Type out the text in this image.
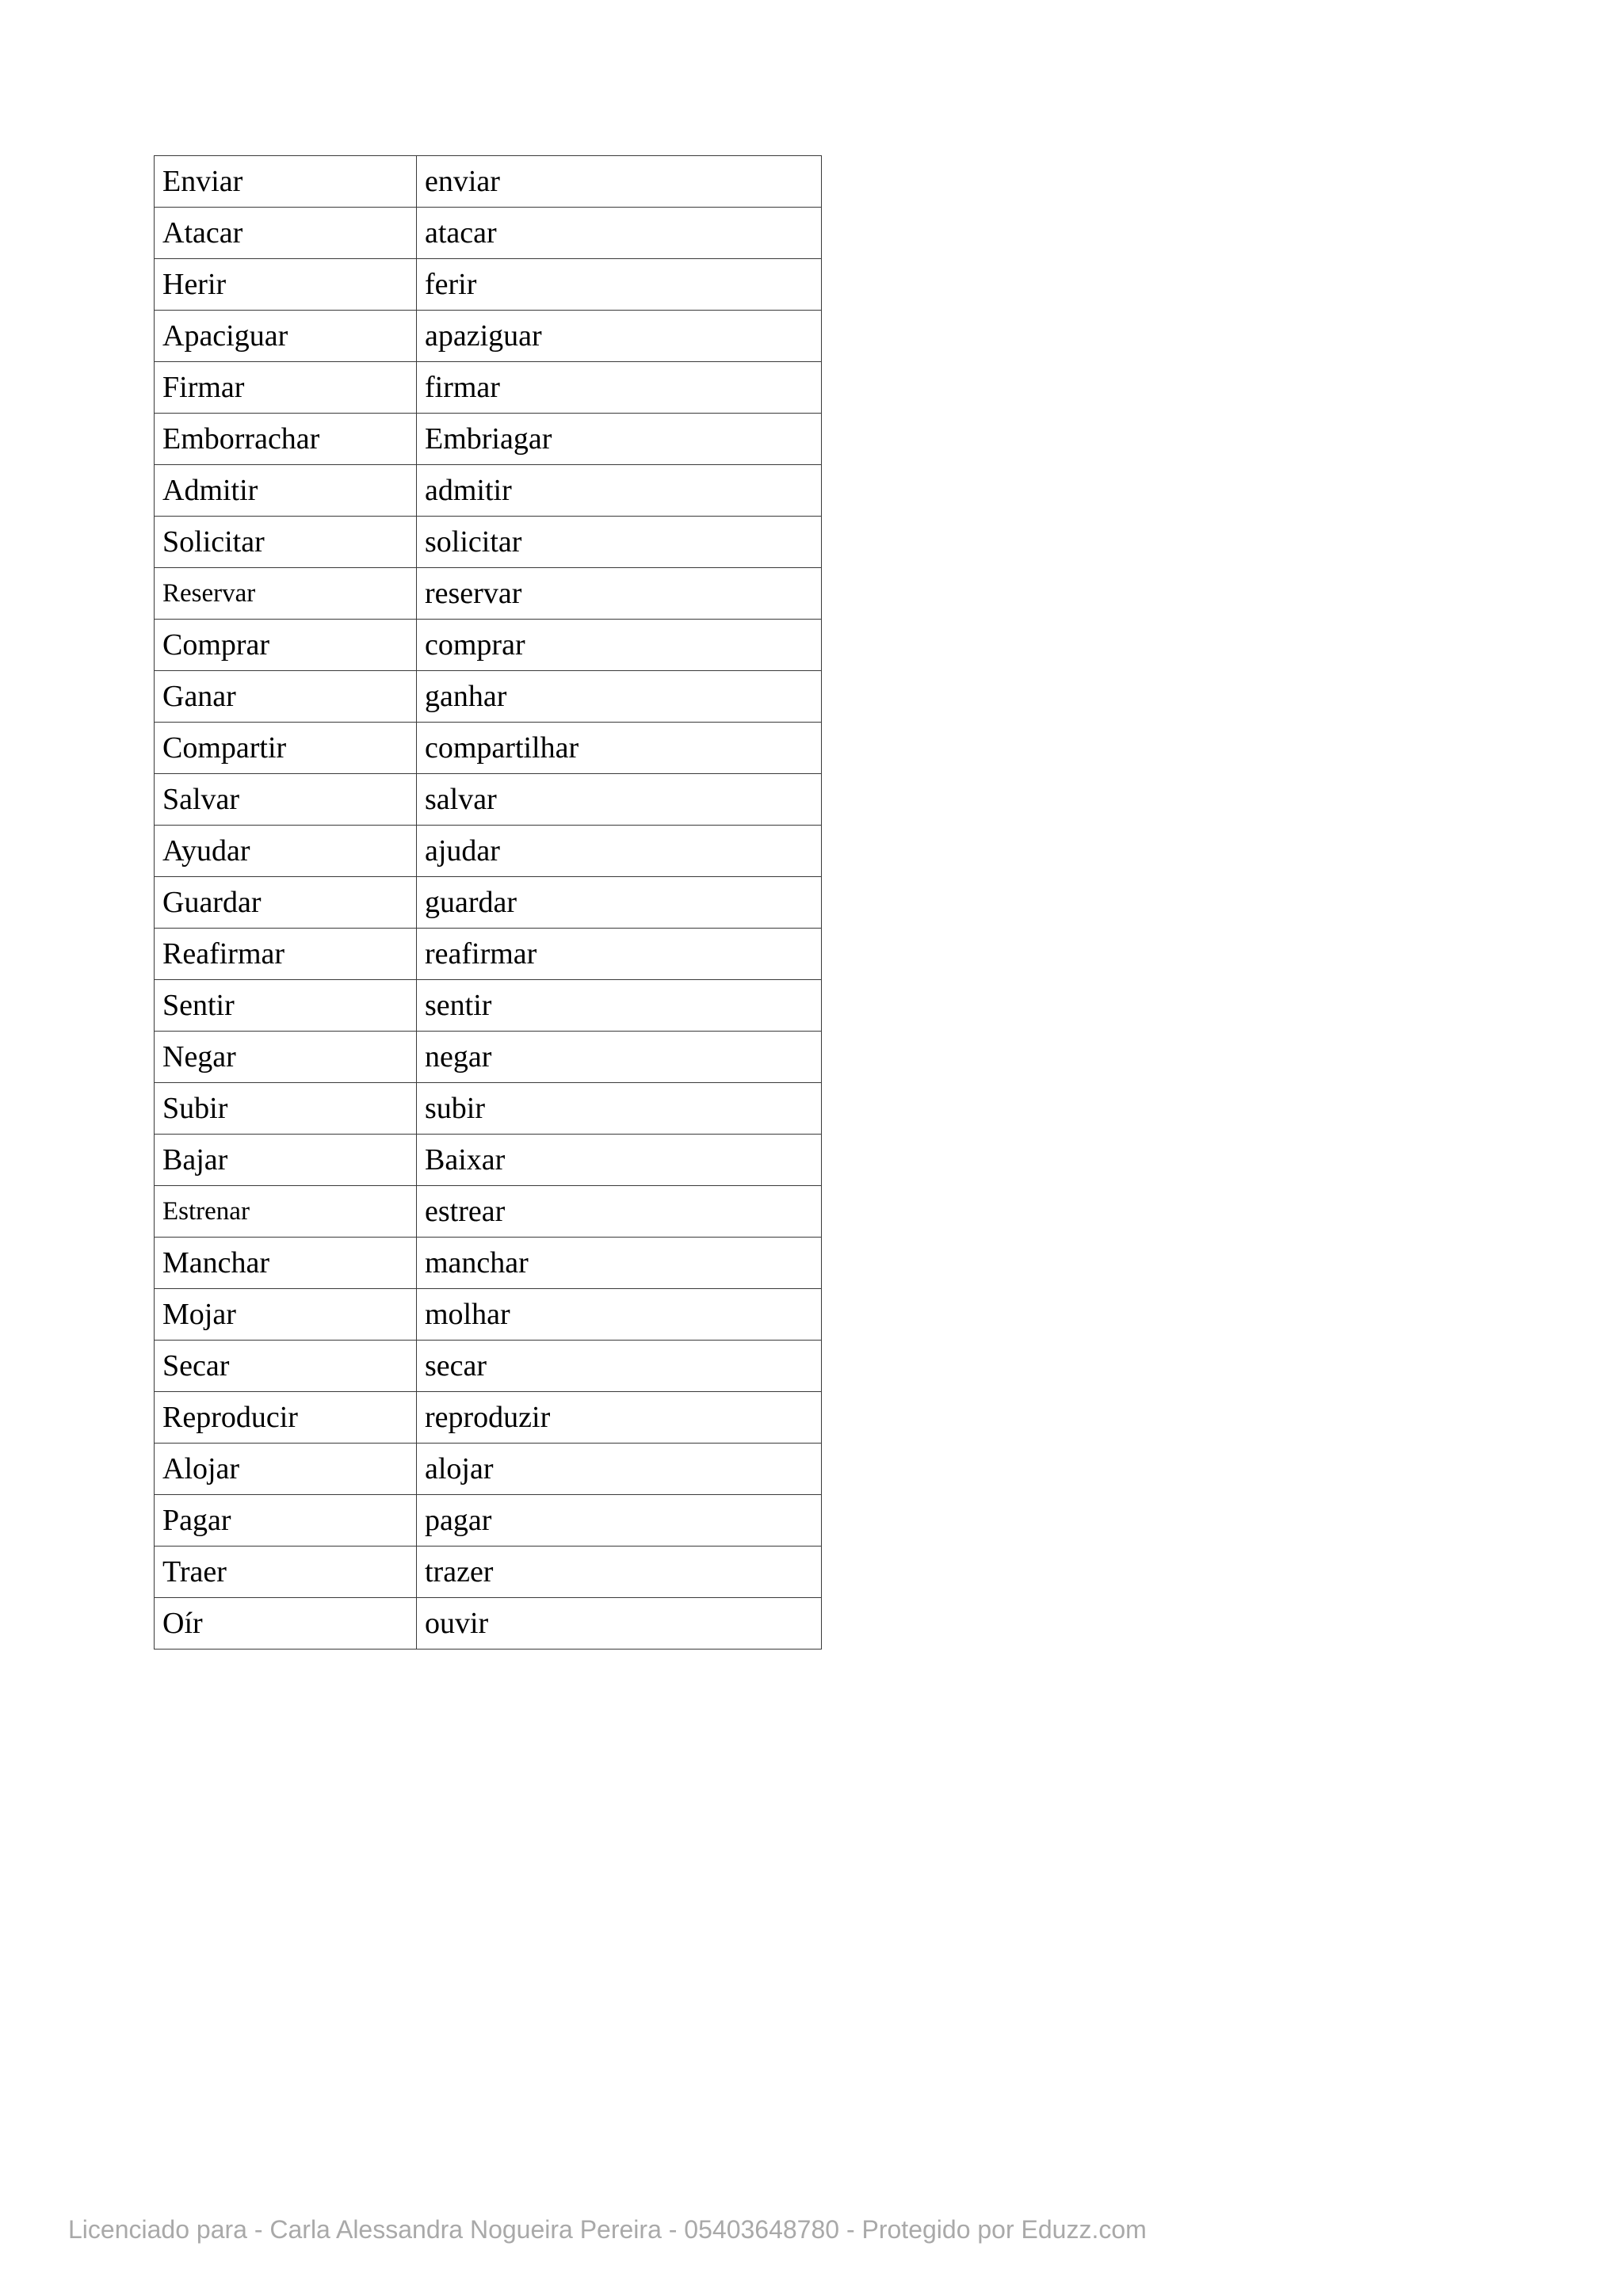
Enviar	enviar
Atacar	atacar
Herir	ferir
Apaciguar	apaziguar
Firmar	firmar
Emborrachar	Embriagar
Admitir	admitir
Solicitar	solicitar
Reservar	reservar
Comprar	comprar
Ganar	ganhar
Compartir	compartilhar
Salvar	salvar
Ayudar	ajudar
Guardar	guardar
Reafirmar	reafirmar
Sentir	sentir
Negar	negar
Subir	subir
Bajar	Baixar
Estrenar	estrear
Manchar	manchar
Mojar	molhar
Secar	secar
Reproducir	reproduzir
Alojar	alojar
Pagar	pagar
Traer	trazer
Oír	ouvir
Licenciado para - Carla Alessandra Nogueira Pereira - 05403648780 - Protegido por Eduzz.com
